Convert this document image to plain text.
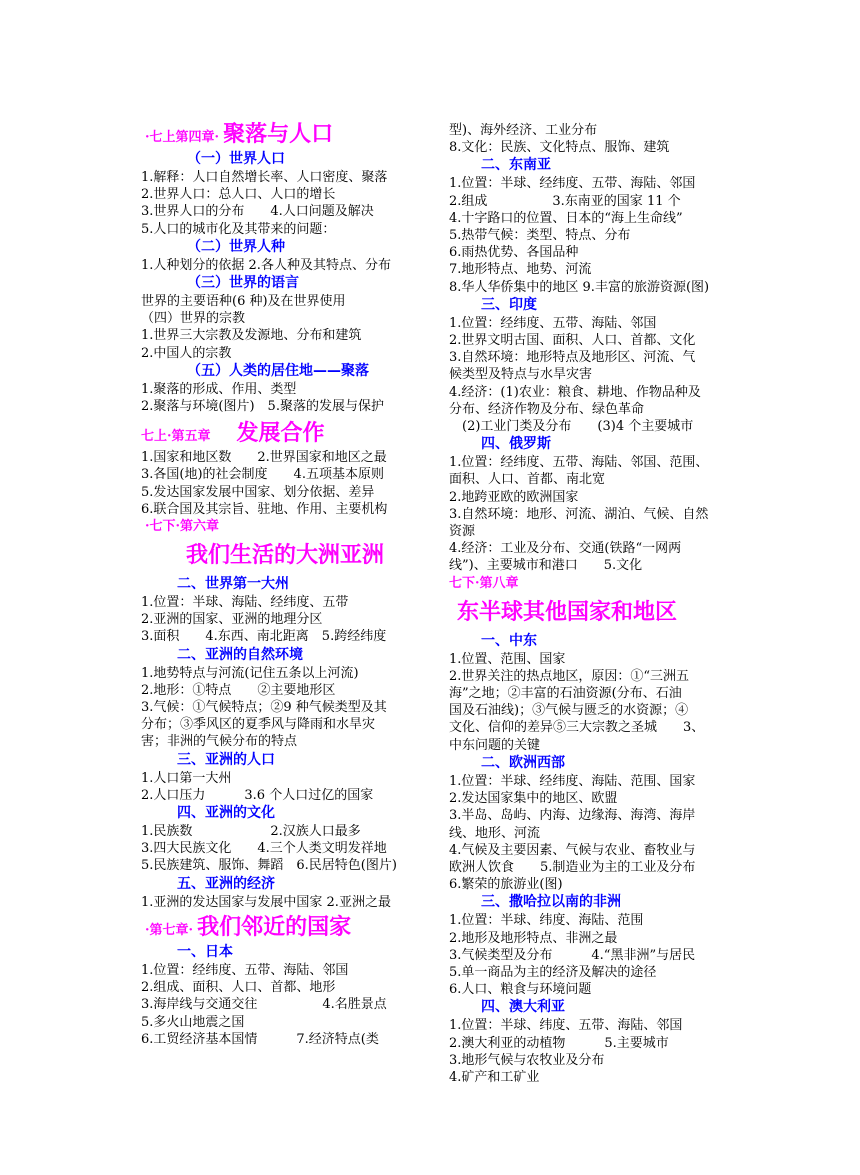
·七上第四章· 聚落与人口
（一）世界人口
1.解释：人口自然增长率、人口密度、聚落
2.世界人口：总人口、人口的增长
3.世界人口的分布　　4.人口问题及解决
5.人口的城市化及其带来的问题：
（二）世界人种
1.人种划分的依据 2.各人种及其特点、分布
（三）世界的语言
世界的主要语种(6 种)及在世界使用
（四）世界的宗教
1.世界三大宗教及发源地、分布和建筑
2.中国人的宗教
（五）人类的居住地——聚落
1.聚落的形成、作用、类型
2.聚落与环境(图片)　5.聚落的发展与保护
七上·第五章 发展合作
1.国家和地区数　　2.世界国家和地区之最
3.各国(地)的社会制度　　4.五项基本原则
5.发达国家发展中国家、划分依据、差异
6.联合国及其宗旨、驻地、作用、主要机构
·七下·第六章
我们生活的大洲亚洲
二、世界第一大州
1.位置：半球、海陆、经纬度、五带
2.亚洲的国家、亚洲的地理分区
3.面积　　4.东西、南北距离　5.跨经纬度
二、亚洲的自然环境
1.地势特点与河流(记住五条以上河流)
2.地形：①特点　　②主要地形区
3.气候：①气候特点；②9 种气候类型及其
分布；③季风区的夏季风与降雨和水旱灾
害；非洲的气候分布的特点
三、亚洲的人口
1.人口第一大州
2.人口压力　　　3.6 个人口过亿的国家
四、亚洲的文化
1.民族数　　　　　　2.汉族人口最多
3.四大民族文化　　4.三个人类文明发祥地
5.民族建筑、服饰、舞蹈　6.民居特色(图片)
五、亚洲的经济
1.亚洲的发达国家与发展中国家 2.亚洲之最
·第七章· 我们邻近的国家
一、日本
1.位置：经纬度、五带、海陆、邻国
2.组成、面积、人口、首都、地形
3.海岸线与交通交往　　　　　4.名胜景点
5.多火山地震之国
6.工贸经济基本国情　　　7.经济特点(类
型)、海外经济、工业分布
8.文化：民族、文化特点、服饰、建筑
二、东南亚
1.位置：半球、经纬度、五带、海陆、邻国
2.组成　　　　　3.东南亚的国家 11 个
4.十字路口的位置、日本的“海上生命线”
5.热带气候：类型、特点、分布
6.雨热优势、各国品种
7.地形特点、地势、河流
8.华人华侨集中的地区 9.丰富的旅游资源(图)
三、印度
1.位置：经纬度、五带、海陆、邻国
2.世界文明古国、面积、人口、首都、文化
3.自然环境：地形特点及地形区、河流、气
候类型及特点与水旱灾害
4.经济：(1)农业：粮食、耕地、作物品种及
分布、经济作物及分布、绿色革命
　(2)工业门类及分布　　(3)4 个主要城市
四、俄罗斯
1.位置：经纬度、五带、海陆、邻国、范围、
面积、人口、首都、南北宽
2.地跨亚欧的欧洲国家
3.自然环境：地形、河流、湖泊、气候、自然
资源
4.经济：工业及分布、交通(铁路“一网两
线”)、主要城市和港口　　5.文化
七下·第八章
东半球其他国家和地区
一、中东
1.位置、范围、国家
2.世界关注的热点地区，原因：①“三洲五
海”之地；②丰富的石油资源(分布、石油
国及石油线)；③气候与匮乏的水资源；④
文化、信仰的差异⑤三大宗教之圣城　　3、
中东问题的关键
二、欧洲西部
1.位置：半球、经纬度、海陆、范围、国家
2.发达国家集中的地区、欧盟
3.半岛、岛屿、内海、边缘海、海湾、海岸
线、地形、河流
4.气候及主要因素、气候与农业、畜牧业与
欧洲人饮食　　5.制造业为主的工业及分布
6.繁荣的旅游业(图)
三、撒哈拉以南的非洲
1.位置：半球、纬度、海陆、范围
2.地形及地形特点、非洲之最
3.气候类型及分布　　　4.“黑非洲”与居民
5.单一商品为主的经济及解决的途径
6.人口、粮食与环境问题
四、澳大利亚
1.位置：半球、纬度、五带、海陆、邻国
2.澳大利亚的动植物　　　5.主要城市
3.地形气候与农牧业及分布
4.矿产和工矿业
